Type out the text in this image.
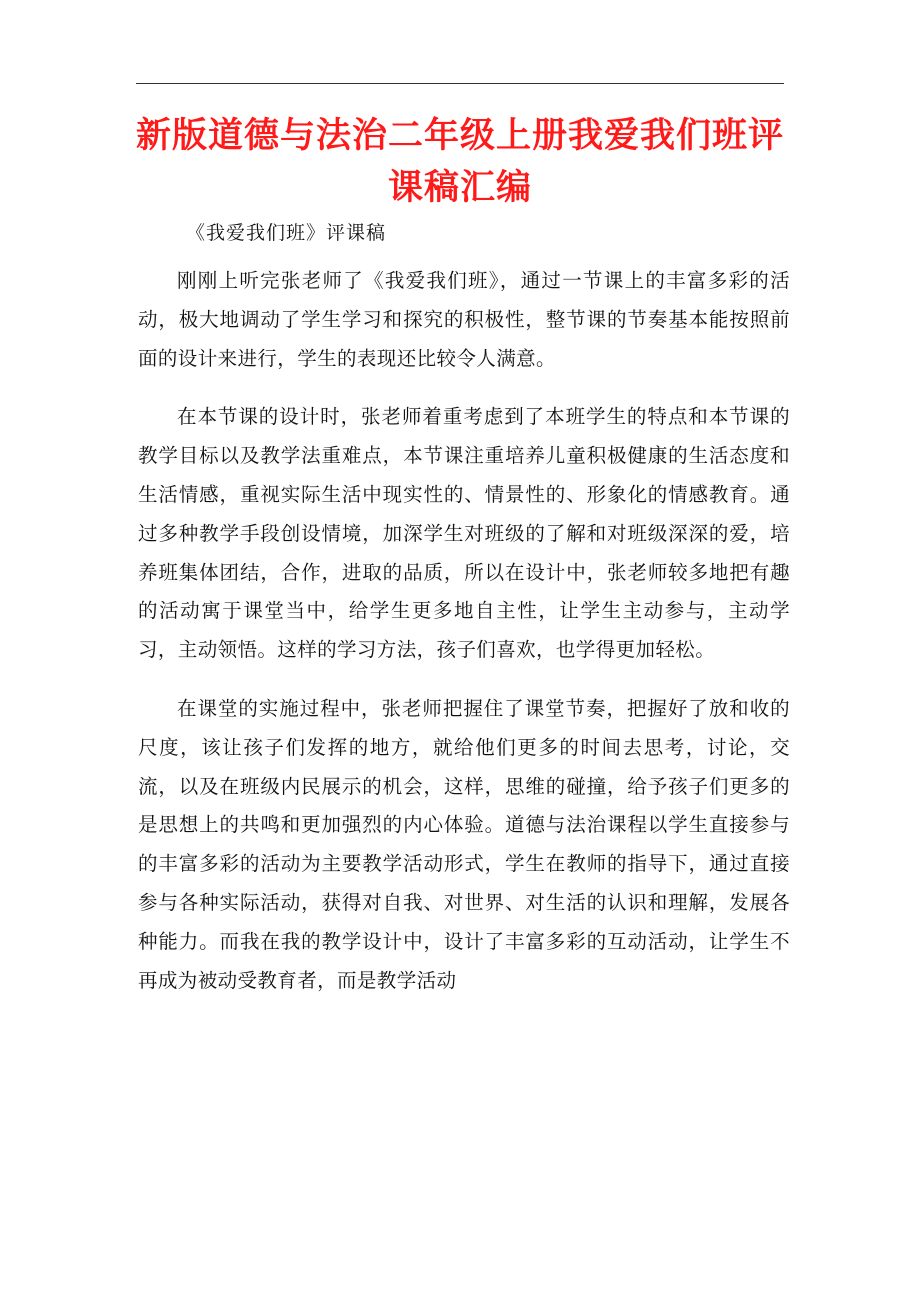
新版道德与法治二年级上册我爱我们班评课稿汇编
《我爱我们班》评课稿

刚刚上听完张老师了《我爱我们班》，通过一节课上的丰富多彩的活动，极大地调动了学生学习和探究的积极性，整节课的节奏基本能按照前面的设计来进行，学生的表现还比较令人满意。

在本节课的设计时，张老师着重考虑到了本班学生的特点和本节课的教学目标以及教学法重难点，本节课注重培养儿童积极健康的生活态度和生活情感，重视实际生活中现实性的、情景性的、形象化的情感教育。通过多种教学手段创设情境，加深学生对班级的了解和对班级深深的爱，培养班集体团结，合作，进取的品质，所以在设计中，张老师较多地把有趣的活动寓于课堂当中，给学生更多地自主性，让学生主动参与，主动学习，主动领悟。这样的学习方法，孩子们喜欢，也学得更加轻松。

在课堂的实施过程中，张老师把握住了课堂节奏，把握好了放和收的尺度，该让孩子们发挥的地方，就给他们更多的时间去思考，讨论，交流，以及在班级内民展示的机会，这样，思维的碰撞，给予孩子们更多的是思想上的共鸣和更加强烈的内心体验。道德与法治课程以学生直接参与的丰富多彩的活动为主要教学活动形式，学生在教师的指导下，通过直接参与各种实际活动，获得对自我、对世界、对生活的认识和理解，发展各种能力。而我在我的教学设计中，设计了丰富多彩的互动活动，让学生不再成为被动受教育者，而是教学活动
